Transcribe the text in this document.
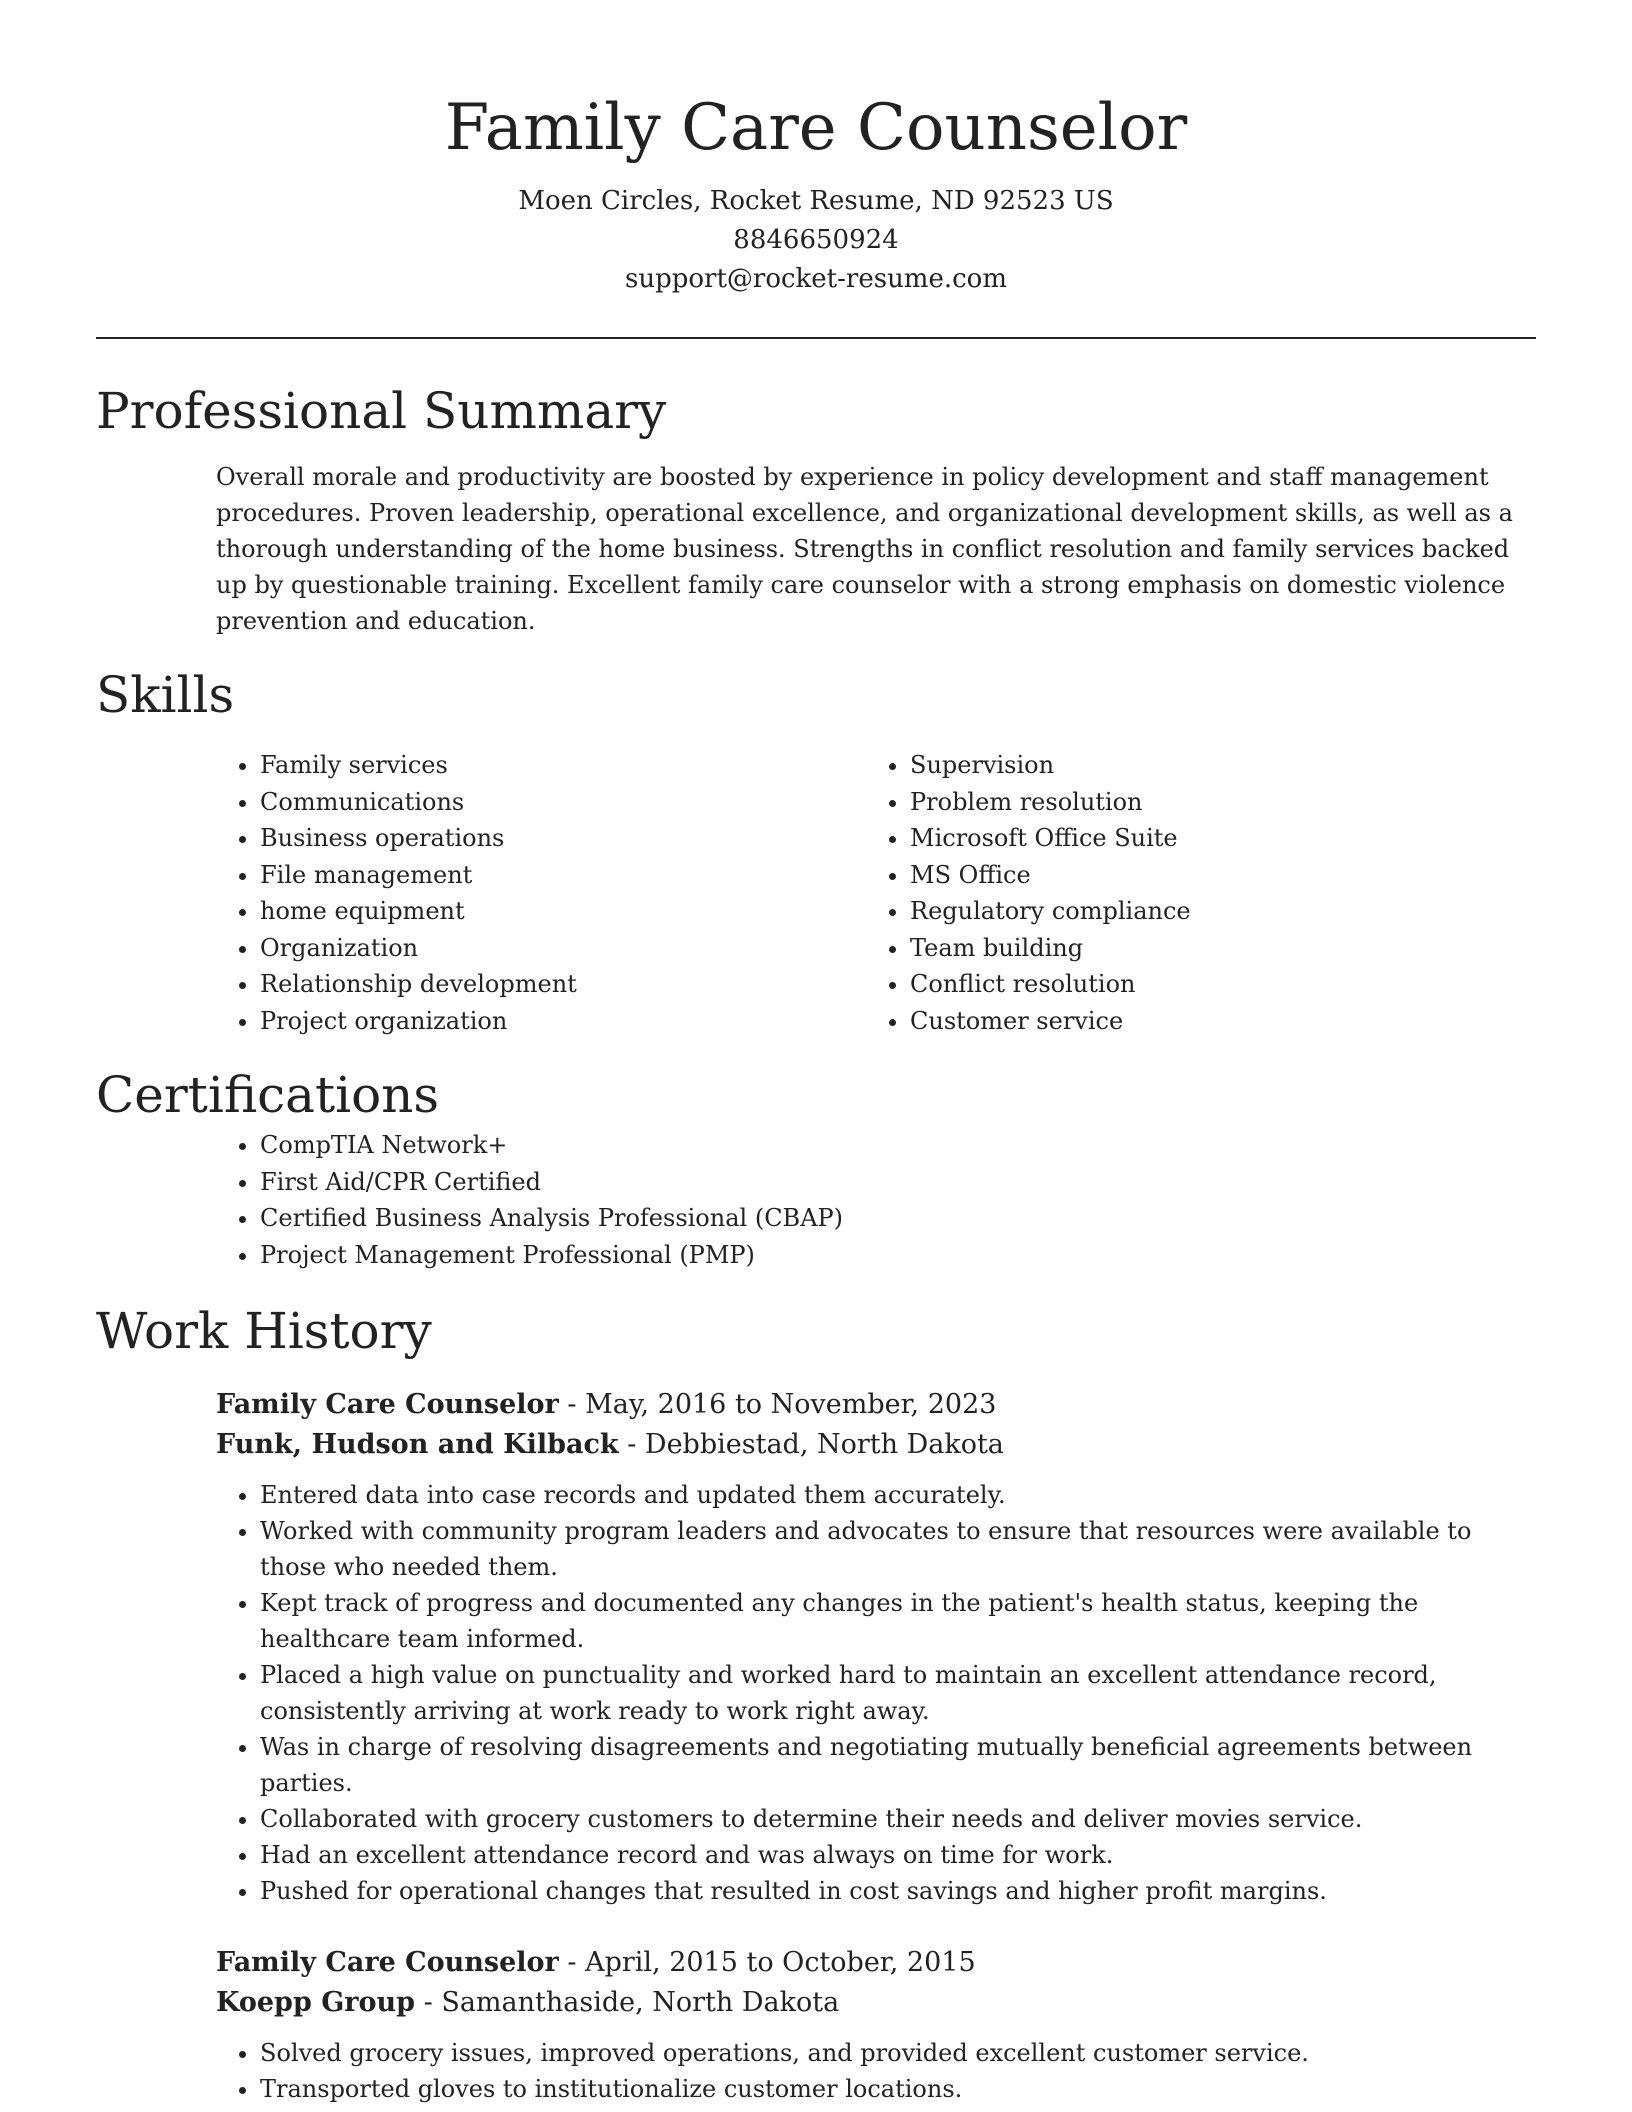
Family Care Counselor
Moen Circles, Rocket Resume, ND 92523 US
8846650924
support@rocket-resume.com
Professional Summary
Overall morale and productivity are boosted by experience in policy development and staff management procedures. Proven leadership, operational excellence, and organizational development skills, as well as a thorough understanding of the home business. Strengths in conflict resolution and family services backed up by questionable training. Excellent family care counselor with a strong emphasis on domestic violence prevention and education.
Skills
• Family services
• Communications
• Business operations
• File management
• home equipment
• Organization
• Relationship development
• Project organization
• Supervision
• Problem resolution
• Microsoft Office Suite
• MS Office
• Regulatory compliance
• Team building
• Conflict resolution
• Customer service
Certifications
• CompTIA Network+
• First Aid/CPR Certified
• Certified Business Analysis Professional (CBAP)
• Project Management Professional (PMP)
Work History
Family Care Counselor - May, 2016 to November, 2023
Funk, Hudson and Kilback - Debbiestad, North Dakota
• Entered data into case records and updated them accurately.
• Worked with community program leaders and advocates to ensure that resources were available to those who needed them.
• Kept track of progress and documented any changes in the patient's health status, keeping the healthcare team informed.
• Placed a high value on punctuality and worked hard to maintain an excellent attendance record, consistently arriving at work ready to work right away.
• Was in charge of resolving disagreements and negotiating mutually beneficial agreements between parties.
• Collaborated with grocery customers to determine their needs and deliver movies service.
• Had an excellent attendance record and was always on time for work.
• Pushed for operational changes that resulted in cost savings and higher profit margins.
Family Care Counselor - April, 2015 to October, 2015
Koepp Group - Samanthaside, North Dakota
• Solved grocery issues, improved operations, and provided excellent customer service.
• Transported gloves to institutionalize customer locations.
